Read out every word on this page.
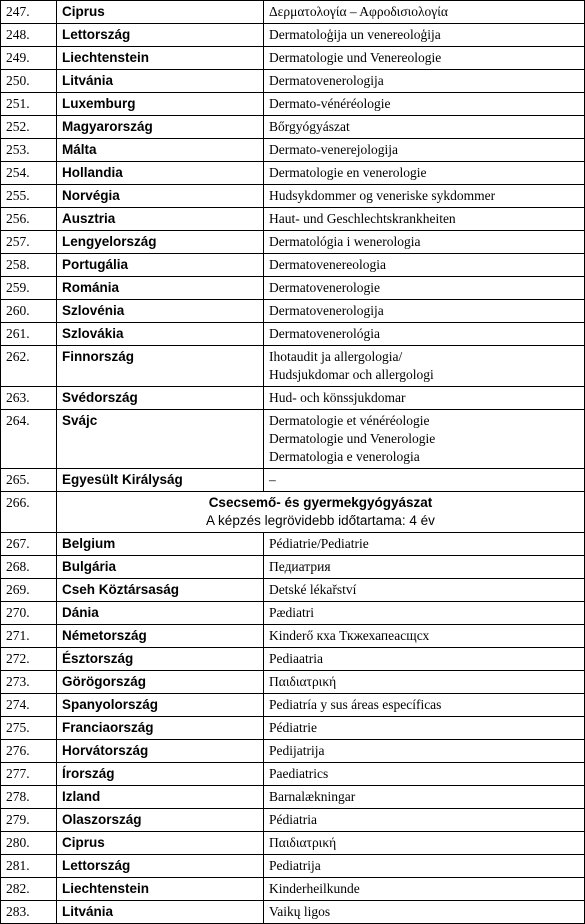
247.	Ciprus	Δερματολογία – Αφροδισιολογία

248.	Lettország	Dermatoloģija un venereoloģija

249.	Liechtenstein	Dermatologie und Venereologie

250.	Litvánia	Dermatovenerologija

251.	Luxemburg	Dermato-vénéréologie

252.	Magyarország	Bőrgyógyászat

253.	Málta	Dermato-venerejologija

254.	Hollandia	Dermatologie en venerologie

255.	Norvégia	Hudsykdommer og veneriske sykdommer

256.	Ausztria	Haut- und Geschlechtskrankheiten

257.	Lengyelország	Dermatológia i wenerologia

258.	Portugália	Dermatovenereologia

259.	Románia	Dermatovenerologie

260.	Szlovénia	Dermatovenerologija

261.	Szlovákia	Dermatovenerológia

262.	Finnország	Ihotaudit ja allergologia/
Hudsjukdomar och allergologi

263.	Svédország	Hud- och könssjukdomar

264.	Svájc	Dermatologie et vénéréologie
Dermatologie und Venerologie
Dermatologia e venerologia

265.	Egyesült Királyság	–

266.	Csecsemő- és gyermekgyógyászat
A képzés legrövidebb időtartama: 4 év	

267.	Belgium	Pédiatrie/Pediatrie

268.	Bulgária	Педиатрия

269.	Cseh Köztársaság	Detské lékařství

270.	Dánia	Pædiatri

271.	Németország	Kinderő кха Ткжехапеасщсх

272.	Észtország	Pediaatria

273.	Görögország	Παιδιατρική

274.	Spanyolország	Pediatría y sus áreas específicas

275.	Franciaország	Pédiatrie

276.	Horvátország	Pedijatrija

277.	Írország	Paediatrics

278.	Izland	Barnalækningar

279.	Olaszország	Pédiatria

280.	Ciprus	Παιδιατρική

281.	Lettország	Pediatrija

282.	Liechtenstein	Kinderheilkunde

283.	Litvánia	Vaikų ligos
